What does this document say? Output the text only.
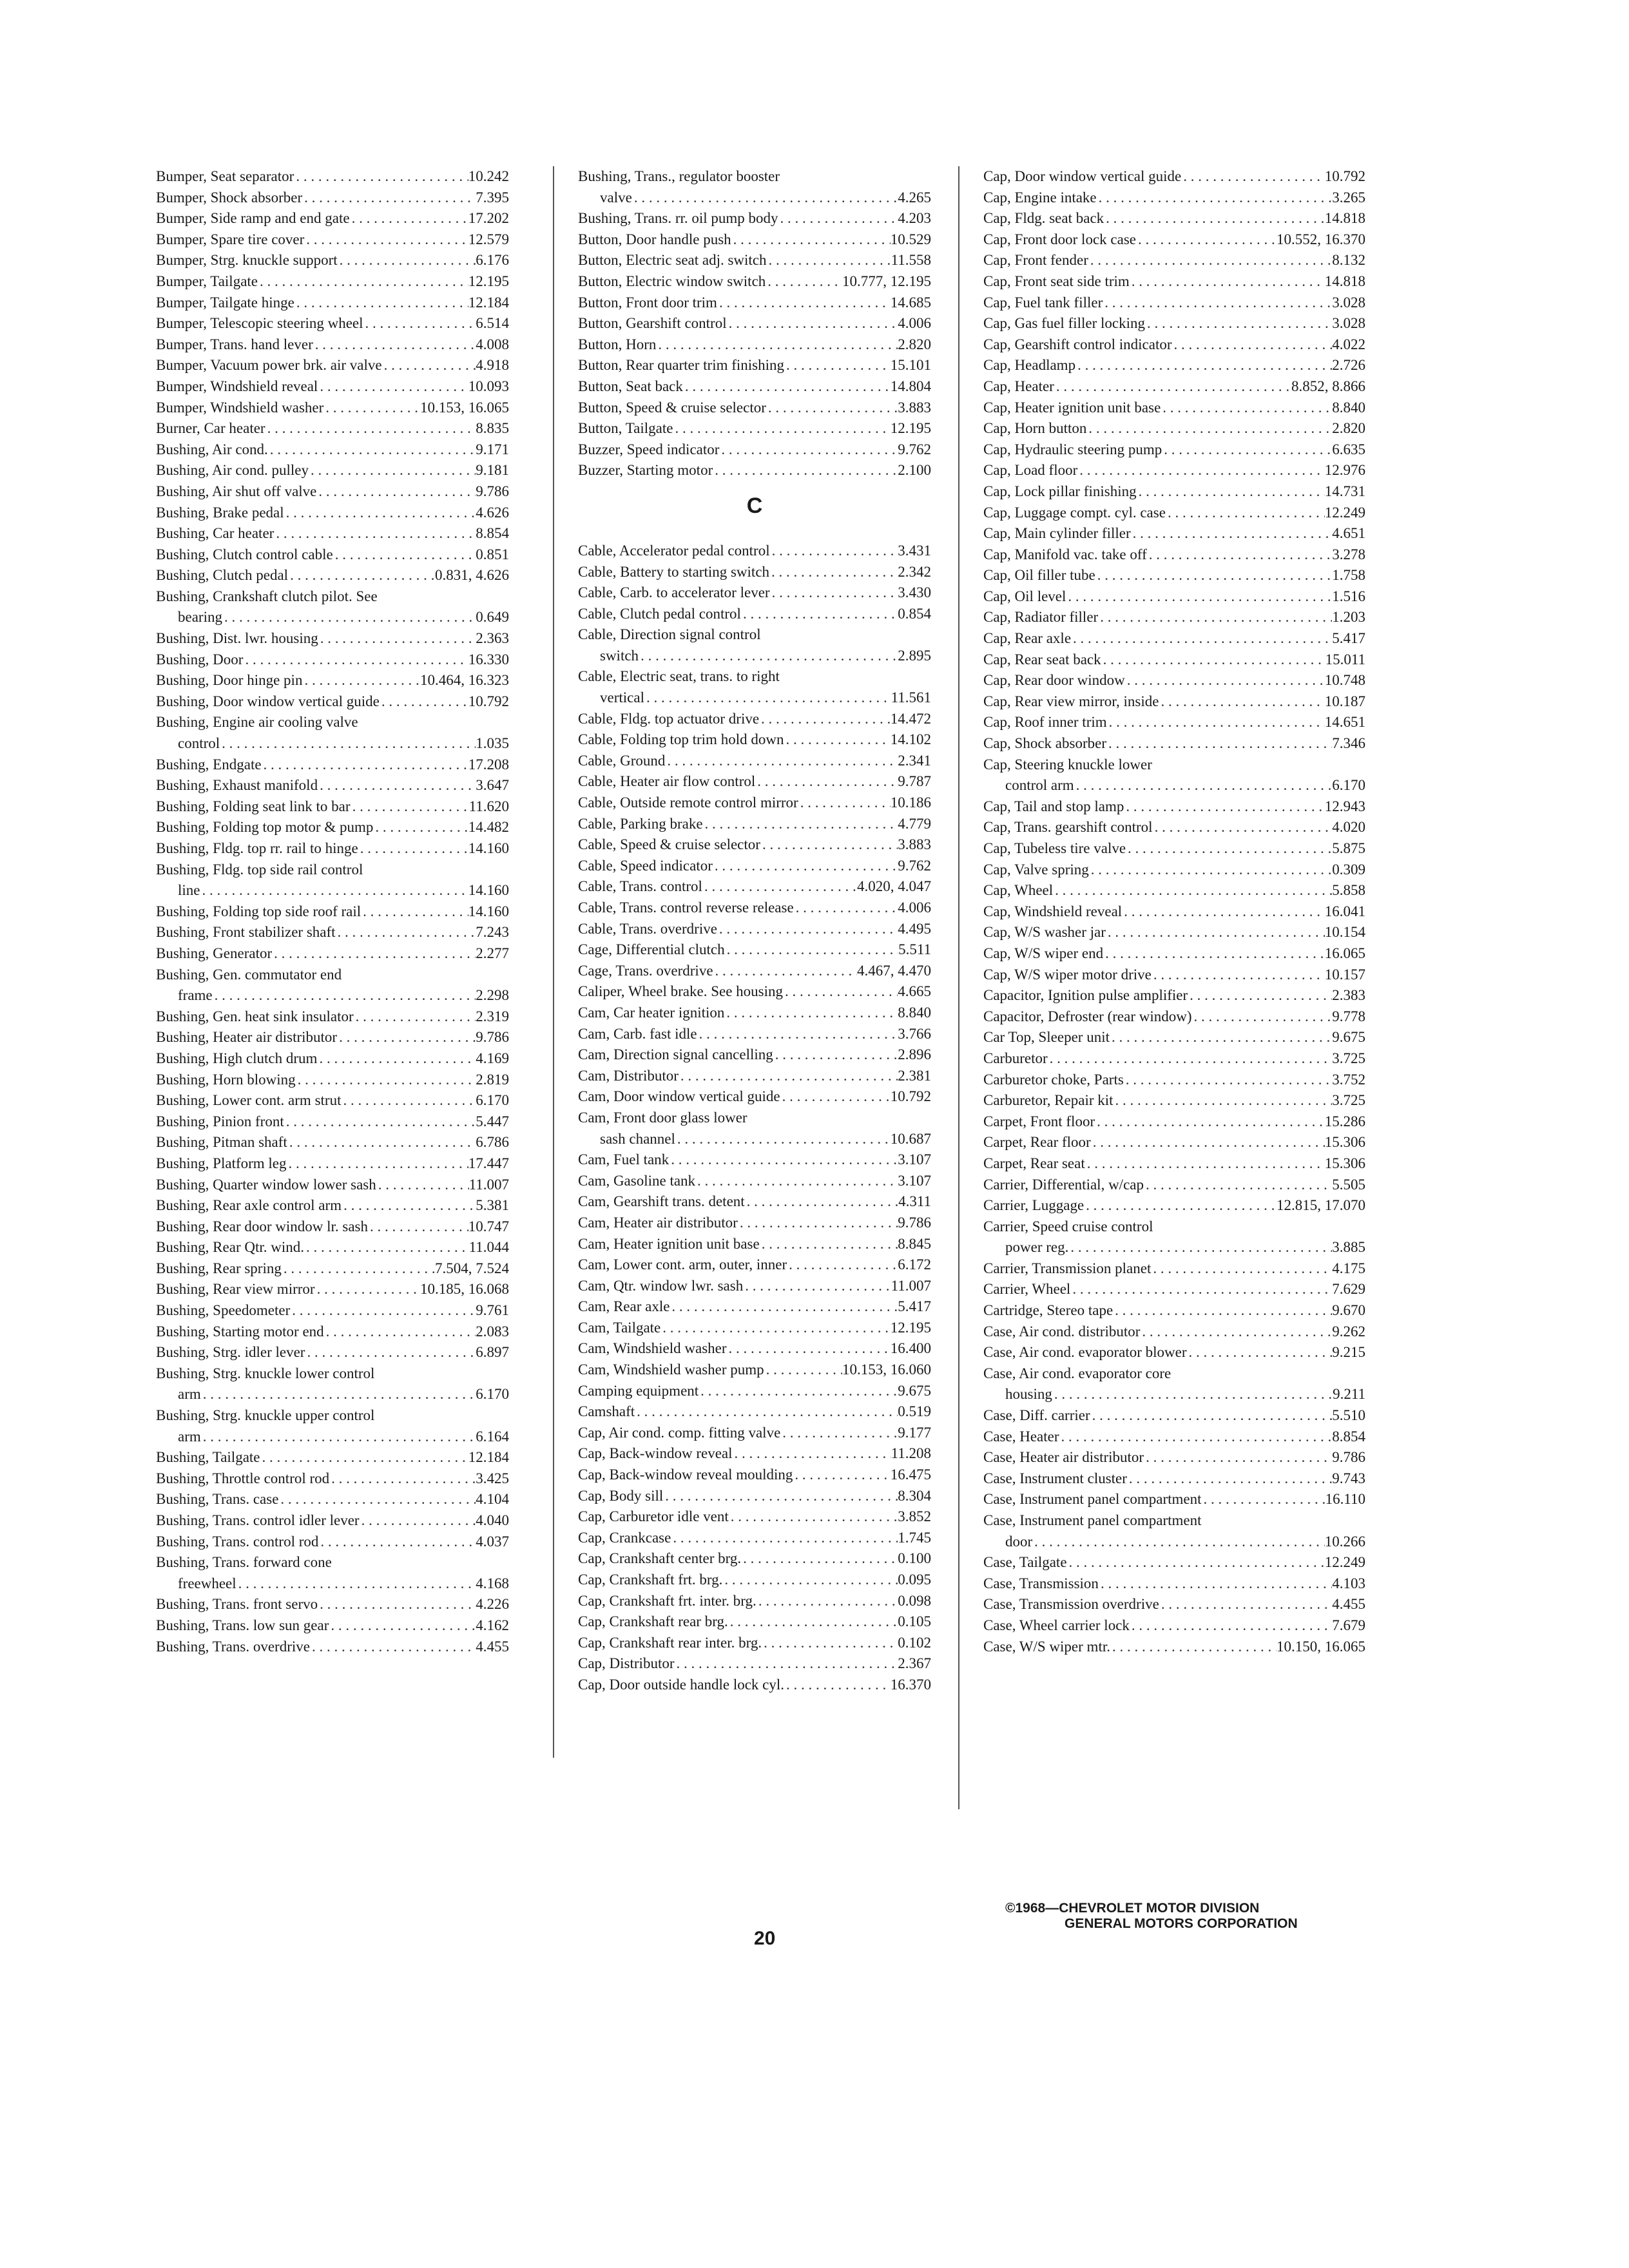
Bumper, Seat separator . . .	10.242
Bumper, Shock absorber . . .	7.395
Bumper, Side ramp and end gate . . .	17.202
Bumper, Spare tire cover . . .	12.579
Bumper, Strg. knuckle support . . .	6.176
Bumper, Tailgate . . .	12.195
Bumper, Tailgate hinge . . .	12.184
Bumper, Telescopic steering wheel . . .	6.514
Bumper, Trans. hand lever . . .	4.008
Bumper, Vacuum power brk. air valve . . .	4.918
Bumper, Windshield reveal . . .	10.093
Bumper, Windshield washer . . .	10.153, 16.065
Burner, Car heater . . .	8.835
Bushing, Air cond. . . .	9.171
Bushing, Air cond. pulley . . .	9.181
Bushing, Air shut off valve . . .	9.786
Bushing, Brake pedal . . .	4.626
Bushing, Car heater . . .	8.854
Bushing, Clutch control cable . . .	0.851
Bushing, Clutch pedal . . .	0.831, 4.626
Bushing, Crankshaft clutch pilot. See
bearing . . .	0.649
Bushing, Dist. lwr. housing . . .	2.363
Bushing, Door . . .	16.330
Bushing, Door hinge pin . . .	10.464, 16.323
Bushing, Door window vertical guide . . .	10.792
Bushing, Engine air cooling valve
control . . .	1.035
Bushing, Endgate . . .	17.208
Bushing, Exhaust manifold . . .	3.647
Bushing, Folding seat link to bar . . .	11.620
Bushing, Folding top motor & pump . . .	14.482
Bushing, Fldg. top rr. rail to hinge . . .	14.160
Bushing, Fldg. top side rail control
line . . .	14.160
Bushing, Folding top side roof rail . . .	14.160
Bushing, Front stabilizer shaft . . .	7.243
Bushing, Generator . . .	2.277
Bushing, Gen. commutator end
frame . . .	2.298
Bushing, Gen. heat sink insulator . . .	2.319
Bushing, Heater air distributor . . .	9.786
Bushing, High clutch drum . . .	4.169
Bushing, Horn blowing . . .	2.819
Bushing, Lower cont. arm strut . . .	6.170
Bushing, Pinion front . . .	5.447
Bushing, Pitman shaft . . .	6.786
Bushing, Platform leg . . .	17.447
Bushing, Quarter window lower sash . . .	11.007
Bushing, Rear axle control arm . . .	5.381
Bushing, Rear door window lr. sash . . .	10.747
Bushing, Rear Qtr. wind. . . .	11.044
Bushing, Rear spring . . .	7.504, 7.524
Bushing, Rear view mirror . . .	10.185, 16.068
Bushing, Speedometer . . .	9.761
Bushing, Starting motor end . . .	2.083
Bushing, Strg. idler lever . . .	6.897
Bushing, Strg. knuckle lower control
arm . . .	6.170
Bushing, Strg. knuckle upper control
arm . . .	6.164
Bushing, Tailgate . . .	12.184
Bushing, Throttle control rod . . .	3.425
Bushing, Trans. case . . .	4.104
Bushing, Trans. control idler lever . . .	4.040
Bushing, Trans. control rod . . .	4.037
Bushing, Trans. forward cone
freewheel . . .	4.168
Bushing, Trans. front servo . . .	4.226
Bushing, Trans. low sun gear . . .	4.162
Bushing, Trans. overdrive . . .	4.455
Bushing, Trans., regulator booster
valve . . .	4.265
Bushing, Trans. rr. oil pump body . . .	4.203
Button, Door handle push . . .	10.529
Button, Electric seat adj. switch . . .	11.558
Button, Electric window switch . . .	10.777, 12.195
Button, Front door trim . . .	14.685
Button, Gearshift control . . .	4.006
Button, Horn . . .	2.820
Button, Rear quarter trim finishing . . .	15.101
Button, Seat back . . .	14.804
Button, Speed & cruise selector . . .	3.883
Button, Tailgate . . .	12.195
Buzzer, Speed indicator . . .	9.762
Buzzer, Starting motor . . .	2.100
C
Cable, Accelerator pedal control . . .	3.431
Cable, Battery to starting switch . . .	2.342
Cable, Carb. to accelerator lever . . .	3.430
Cable, Clutch pedal control . . .	0.854
Cable, Direction signal control
switch . . .	2.895
Cable, Electric seat, trans. to right
vertical . . .	11.561
Cable, Fldg. top actuator drive . . .	14.472
Cable, Folding top trim hold down . . .	14.102
Cable, Ground . . .	2.341
Cable, Heater air flow control . . .	9.787
Cable, Outside remote control mirror . . .	10.186
Cable, Parking brake . . .	4.779
Cable, Speed & cruise selector . . .	3.883
Cable, Speed indicator . . .	9.762
Cable, Trans. control . . .	4.020, 4.047
Cable, Trans. control reverse release . . .	4.006
Cable, Trans. overdrive . . .	4.495
Cage, Differential clutch . . .	5.511
Cage, Trans. overdrive . . .	4.467, 4.470
Caliper, Wheel brake. See housing . . .	4.665
Cam, Car heater ignition . . .	8.840
Cam, Carb. fast idle . . .	3.766
Cam, Direction signal cancelling . . .	2.896
Cam, Distributor . . .	2.381
Cam, Door window vertical guide . . .	10.792
Cam, Front door glass lower
sash channel . . .	10.687
Cam, Fuel tank . . .	3.107
Cam, Gasoline tank . . .	3.107
Cam, Gearshift trans. detent . . .	4.311
Cam, Heater air distributor . . .	9.786
Cam, Heater ignition unit base . . .	8.845
Cam, Lower cont. arm, outer, inner . . .	6.172
Cam, Qtr. window lwr. sash . . .	11.007
Cam, Rear axle . . .	5.417
Cam, Tailgate . . .	12.195
Cam, Windshield washer . . .	16.400
Cam, Windshield washer pump . . .	10.153, 16.060
Camping equipment . . .	9.675
Camshaft . . .	0.519
Cap, Air cond. comp. fitting valve . . .	9.177
Cap, Back-window reveal . . .	11.208
Cap, Back-window reveal moulding . . .	16.475
Cap, Body sill . . .	8.304
Cap, Carburetor idle vent . . .	3.852
Cap, Crankcase . . .	1.745
Cap, Crankshaft center brg. . . .	0.100
Cap, Crankshaft frt. brg. . . .	0.095
Cap, Crankshaft frt. inter. brg. . . .	0.098
Cap, Crankshaft rear brg. . . .	0.105
Cap, Crankshaft rear inter. brg. . . .	0.102
Cap, Distributor . . .	2.367
Cap, Door outside handle lock cyl. . . .	16.370
Cap, Door window vertical guide . . .	10.792
Cap, Engine intake . . .	3.265
Cap, Fldg. seat back . . .	14.818
Cap, Front door lock case . . .	10.552, 16.370
Cap, Front fender . . .	8.132
Cap, Front seat side trim . . .	14.818
Cap, Fuel tank filler . . .	3.028
Cap, Gas fuel filler locking . . .	3.028
Cap, Gearshift control indicator . . .	4.022
Cap, Headlamp . . .	2.726
Cap, Heater . . .	8.852, 8.866
Cap, Heater ignition unit base . . .	8.840
Cap, Horn button . . .	2.820
Cap, Hydraulic steering pump . . .	6.635
Cap, Load floor . . .	12.976
Cap, Lock pillar finishing . . .	14.731
Cap, Luggage compt. cyl. case . . .	12.249
Cap, Main cylinder filler . . .	4.651
Cap, Manifold vac. take off . . .	3.278
Cap, Oil filler tube . . .	1.758
Cap, Oil level . . .	1.516
Cap, Radiator filler . . .	1.203
Cap, Rear axle . . .	5.417
Cap, Rear seat back . . .	15.011
Cap, Rear door window . . .	10.748
Cap, Rear view mirror, inside . . .	10.187
Cap, Roof inner trim . . .	14.651
Cap, Shock absorber . . .	7.346
Cap, Steering knuckle lower
control arm . . .	6.170
Cap, Tail and stop lamp . . .	12.943
Cap, Trans. gearshift control . . .	4.020
Cap, Tubeless tire valve . . .	5.875
Cap, Valve spring . . .	0.309
Cap, Wheel . . .	5.858
Cap, Windshield reveal . . .	16.041
Cap, W/S washer jar . . .	10.154
Cap, W/S wiper end . . .	16.065
Cap, W/S wiper motor drive . . .	10.157
Capacitor, Ignition pulse amplifier . . .	2.383
Capacitor, Defroster (rear window) . . .	9.778
Car Top, Sleeper unit . . .	9.675
Carburetor . . .	3.725
Carburetor choke, Parts . . .	3.752
Carburetor, Repair kit . . .	3.725
Carpet, Front floor . . .	15.286
Carpet, Rear floor . . .	15.306
Carpet, Rear seat . . .	15.306
Carrier, Differential, w/cap . . .	5.505
Carrier, Luggage . . .	12.815, 17.070
Carrier, Speed cruise control
power reg. . . .	3.885
Carrier, Transmission planet . . .	4.175
Carrier, Wheel . . .	7.629
Cartridge, Stereo tape . . .	9.670
Case, Air cond. distributor . . .	9.262
Case, Air cond. evaporator blower . . .	9.215
Case, Air cond. evaporator core
housing . . .	9.211
Case, Diff. carrier . . .	5.510
Case, Heater . . .	8.854
Case, Heater air distributor . . .	9.786
Case, Instrument cluster . . .	9.743
Case, Instrument panel compartment . . .	16.110
Case, Instrument panel compartment
door . . .	10.266
Case, Tailgate . . .	12.249
Case, Transmission . . .	4.103
Case, Transmission overdrive . . .	4.455
Case, Wheel carrier lock . . .	7.679
Case, W/S wiper mtr. . . .	10.150, 16.065
20
©1968—CHEVROLET MOTOR DIVISION
GENERAL MOTORS CORPORATION
